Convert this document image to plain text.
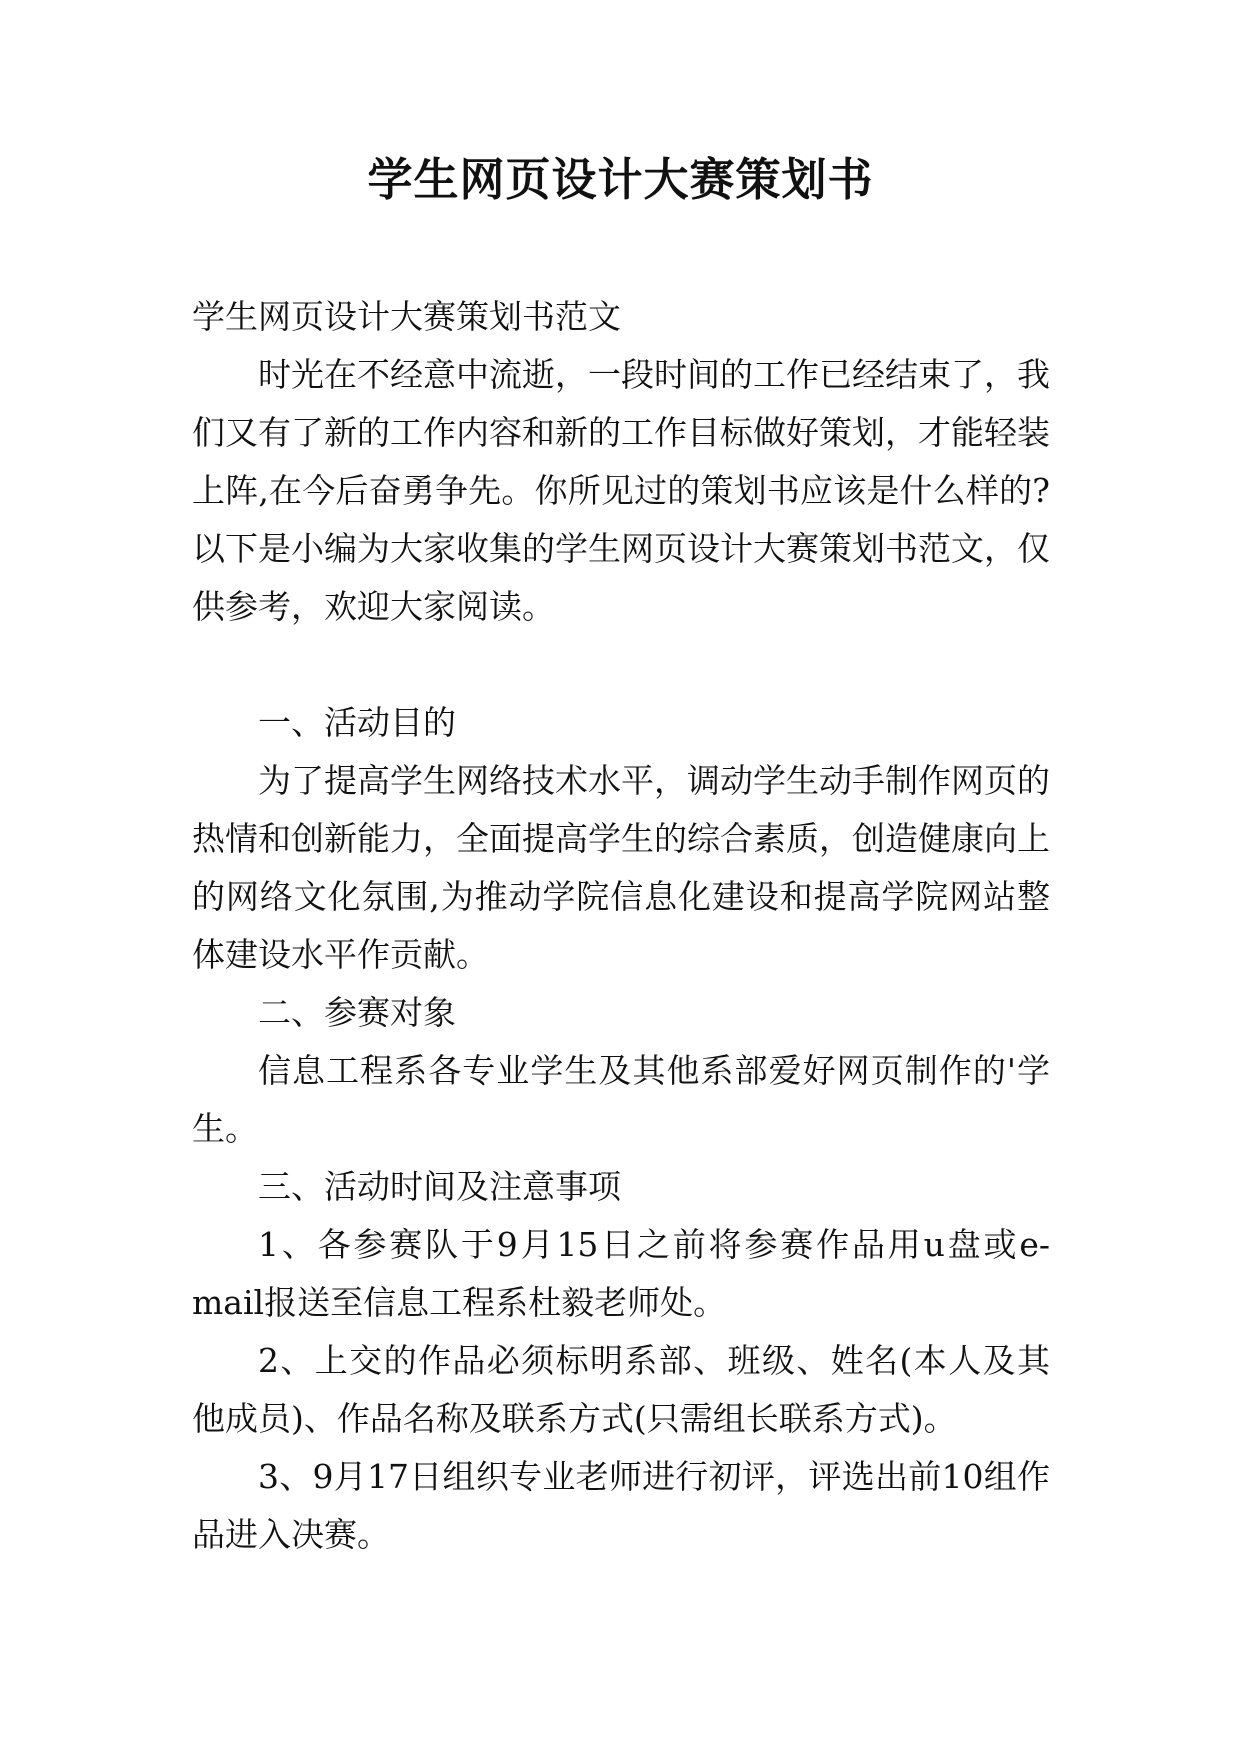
学生网页设计大赛策划书

学生网页设计大赛策划书范文

时光在不经意中流逝，一段时间的工作已经结束了，我们又有了新的工作内容和新的工作目标做好策划，才能轻装上阵,在今后奋勇争先。你所见过的策划书应该是什么样的?以下是小编为大家收集的学生网页设计大赛策划书范文，仅供参考，欢迎大家阅读。

一、活动目的

为了提高学生网络技术水平，调动学生动手制作网页的热情和创新能力，全面提高学生的综合素质，创造健康向上的网络文化氛围,为推动学院信息化建设和提高学院网站整体建设水平作贡献。

二、参赛对象

信息工程系各专业学生及其他系部爱好网页制作的'学生。

三、活动时间及注意事项

1、各参赛队于9月15日之前将参赛作品用u盘或e-mail报送至信息工程系杜毅老师处。

2、上交的作品必须标明系部、班级、姓名(本人及其他成员)、作品名称及联系方式(只需组长联系方式)。

3、9月17日组织专业老师进行初评，评选出前10组作品进入决赛。
